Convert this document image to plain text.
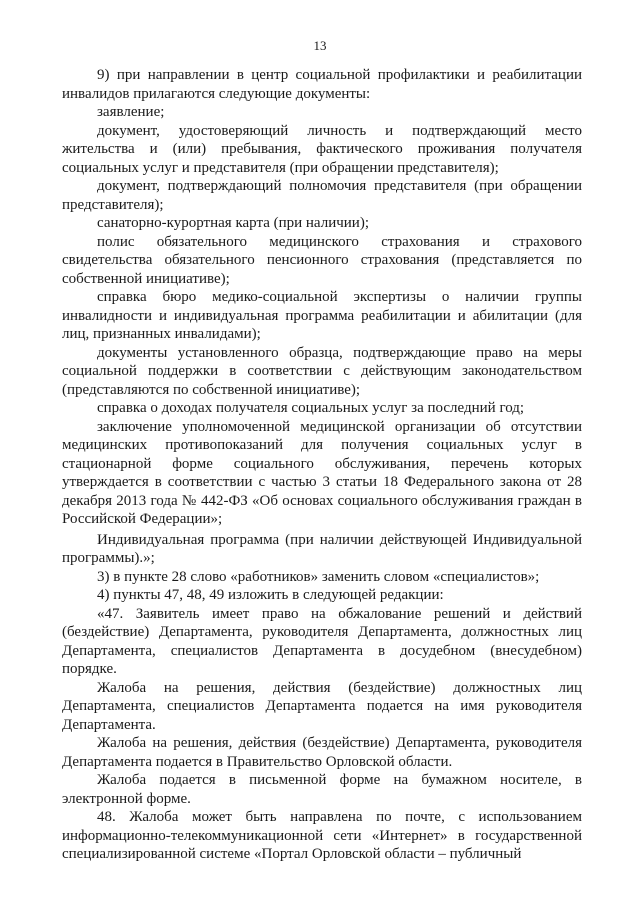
13

9) при направлении в центр социальной профилактики и реабилитации инвалидов прилагаются следующие документы:

заявление;

документ, удостоверяющий личность и подтверждающий место жительства и (или) пребывания, фактического проживания получателя социальных услуг и представителя (при обращении представителя);

документ, подтверждающий полномочия представителя (при обращении представителя);

санаторно-курортная карта (при наличии);

полис обязательного медицинского страхования и страхового свидетельства обязательного пенсионного страхования (представляется по собственной инициативе);

справка бюро медико-социальной экспертизы о наличии группы инвалидности и индивидуальная программа реабилитации и абилитации (для лиц, признанных инвалидами);

документы установленного образца, подтверждающие право на меры социальной поддержки в соответствии с действующим законодательством (представляются по собственной инициативе);

справка о доходах получателя социальных услуг за последний год;

заключение уполномоченной медицинской организации об отсутствии медицинских противопоказаний для получения социальных услуг в стационарной форме социального обслуживания, перечень которых утверждается в соответствии с частью 3 статьи 18 Федерального закона от 28 декабря 2013 года № 442-ФЗ «Об основах социального обслуживания граждан в Российской Федерации»;

Индивидуальная программа (при наличии действующей Индивидуальной программы).»;

3) в пункте 28 слово «работников» заменить словом «специалистов»;

4) пункты 47, 48, 49 изложить в следующей редакции:

«47. Заявитель имеет право на обжалование решений и действий (бездействие) Департамента, руководителя Департамента, должностных лиц Департамента, специалистов Департамента в досудебном (внесудебном) порядке.

Жалоба на решения, действия (бездействие) должностных лиц Департамента, специалистов Департамента подается на имя руководителя Департамента.

Жалоба на решения, действия (бездействие) Департамента, руководителя Департамента подается в Правительство Орловской области.

Жалоба подается в письменной форме на бумажном носителе, в электронной форме.

48. Жалоба может быть направлена по почте, с использованием информационно-телекоммуникационной сети «Интернет» в государственной специализированной системе «Портал Орловской области – публичный
